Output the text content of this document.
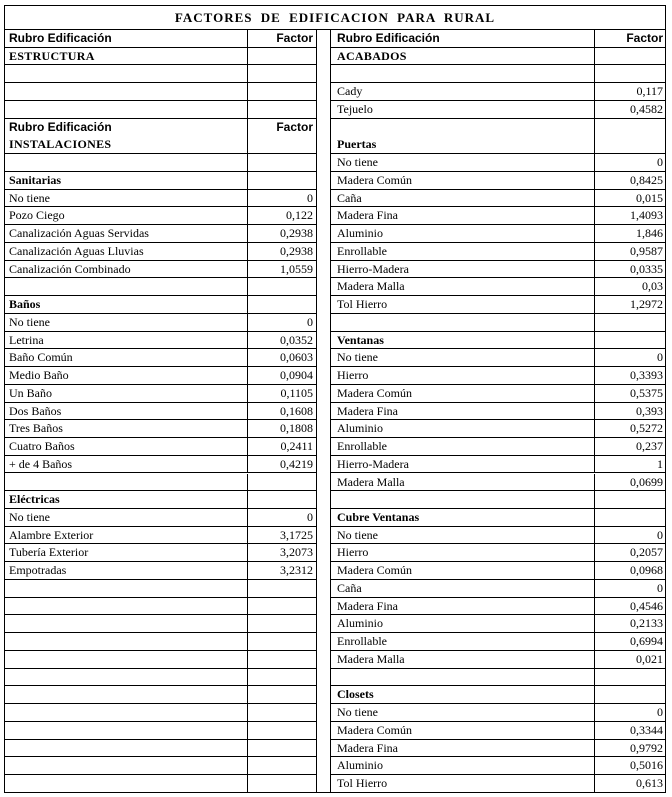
FACTORES DE EDIFICACION PARA RURAL
Rubro Edificación	Factor
ESTRUCTURA
Rubro Edificación	Factor
INSTALACIONES
Sanitarias
No tiene	0
Pozo Ciego	0,122
Canalización Aguas Servidas	0,2938
Canalización Aguas Lluvias	0,2938
Canalización Combinado	1,0559
Baños
No tiene	0
Letrina	0,0352
Baño Común	0,0603
Medio Baño	0,0904
Un Baño	0,1105
Dos Baños	0,1608
Tres Baños	0,1808
Cuatro Baños	0,2411
+ de 4 Baños	0,4219
Eléctricas
No tiene	0
Alambre Exterior	3,1725
Tubería Exterior	3,2073
Empotradas	3,2312
Rubro Edificación	Factor
ACABADOS
Cady	0,117
Tejuelo	0,4582
Puertas
No tiene	0
Madera Común	0,8425
Caña	0,015
Madera Fina	1,4093
Aluminio	1,846
Enrollable	0,9587
Hierro-Madera	0,0335
Madera Malla	0,03
Tol Hierro	1,2972
Ventanas
No tiene	0
Hierro	0,3393
Madera Común	0,5375
Madera Fina	0,393
Aluminio	0,5272
Enrollable	0,237
Hierro-Madera	1
Madera Malla	0,0699
Cubre Ventanas
No tiene	0
Hierro	0,2057
Madera Común	0,0968
Caña	0
Madera Fina	0,4546
Aluminio	0,2133
Enrollable	0,6994
Madera Malla	0,021
Closets
No tiene	0
Madera Común	0,3344
Madera Fina	0,9792
Aluminio	0,5016
Tol Hierro	0,613
